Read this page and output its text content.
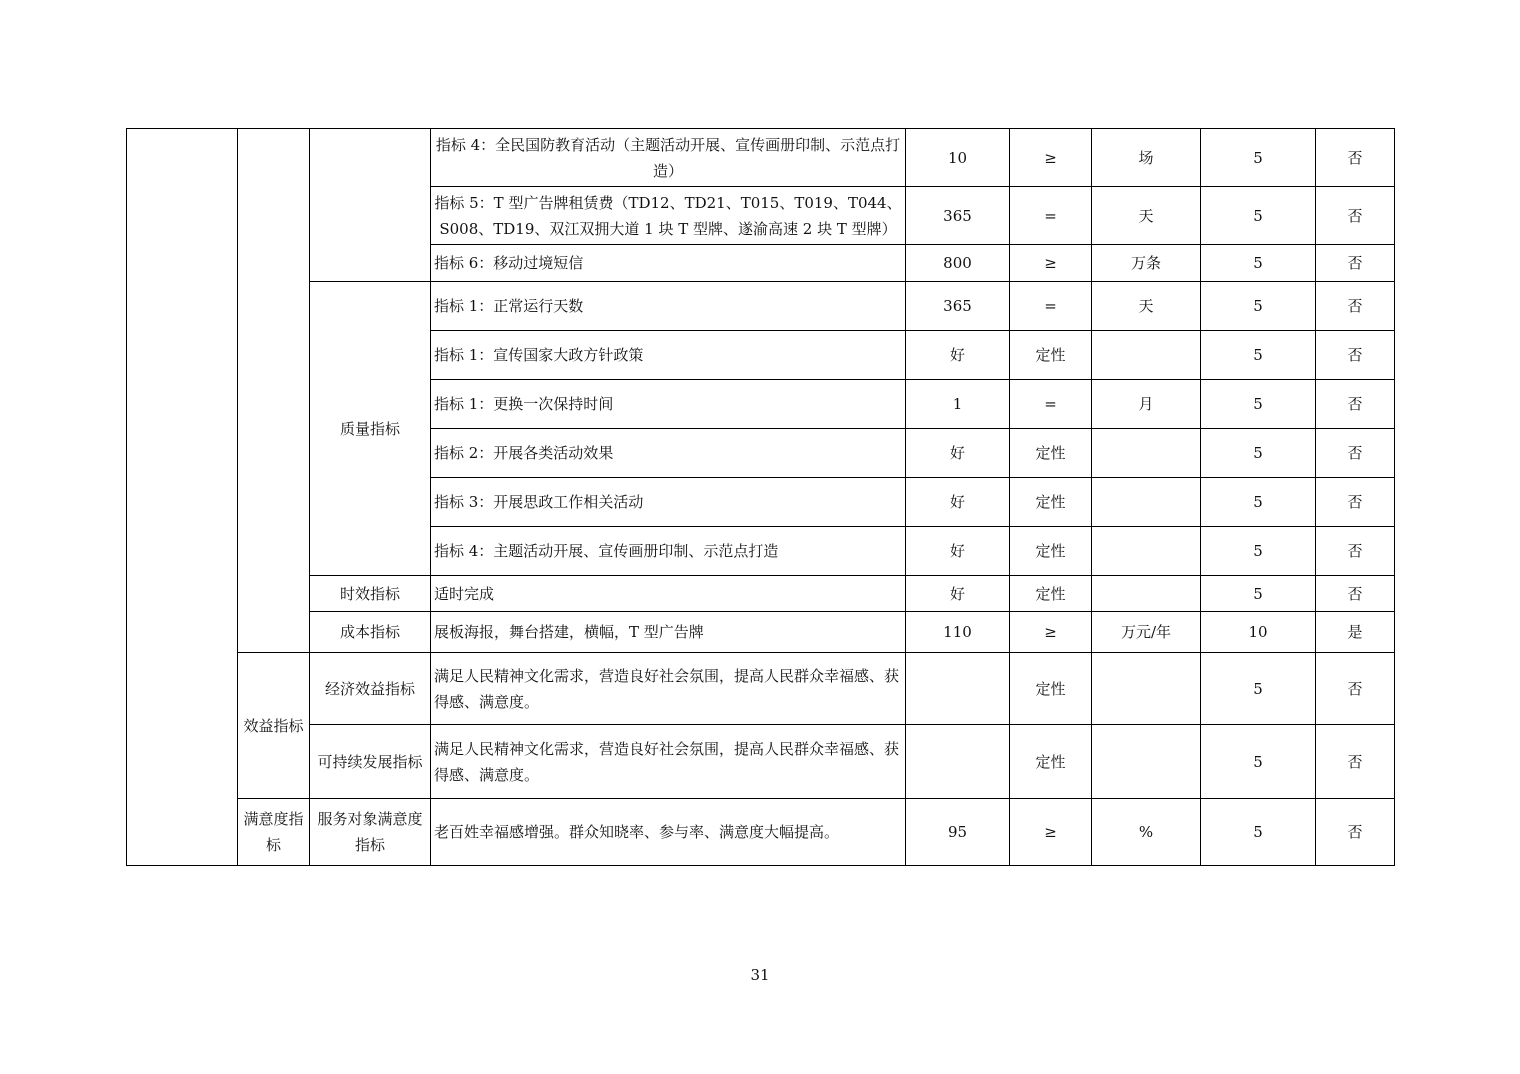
			指标 4：全民国防教育活动（主题活动开展、宣传画册印制、示范点打造）	10	≥	场	5	否
			指标 5：T 型广告牌租赁费（TD12、TD21、T015、T019、T044、S008、TD19、双江双拥大道 1 块 T 型牌、遂渝高速 2 块 T 型牌）	365	=	天	5	否
			指标 6：移动过境短信	800	≥	万条	5	否
		质量指标	指标 1：正常运行天数	365	=	天	5	否
			指标 1：宣传国家大政方针政策	好	定性		5	否
			指标 1：更换一次保持时间	1	=	月	5	否
			指标 2：开展各类活动效果	好	定性		5	否
			指标 3：开展思政工作相关活动	好	定性		5	否
			指标 4：主题活动开展、宣传画册印制、示范点打造	好	定性		5	否
		时效指标	适时完成	好	定性		5	否
		成本指标	展板海报，舞台搭建，横幅，T 型广告牌	110	≥	万元/年	10	是
	效益指标	经济效益指标	满足人民精神文化需求，营造良好社会氛围，提高人民群众幸福感、获得感、满意度。		定性		5	否
		可持续发展指标	满足人民精神文化需求，营造良好社会氛围，提高人民群众幸福感、获得感、满意度。		定性		5	否
	满意度指标	服务对象满意度指标	老百姓幸福感增强。群众知晓率、参与率、满意度大幅提高。	95	≥	%	5	否
31
